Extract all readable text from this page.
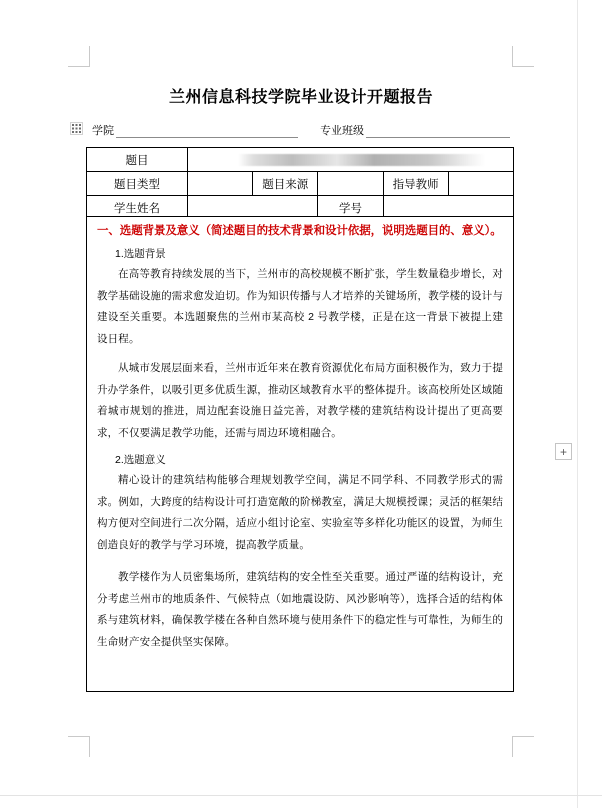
兰州信息科技学院毕业设计开题报告
学院	专业班级
题目					

题目类型		题目来源		指导教师	
学生姓名			学号		
一、选题背景及意义（简述题目的技术背景和设计依据，说明选题目的、意义）。
1.选题背景

在高等教育持续发展的当下，兰州市的高校规模不断扩张，学生数量稳步增长，对教学基础设施的需求愈发迫切。作为知识传播与人才培养的关键场所，教学楼的设计与建设至关重要。本选题聚焦的兰州市某高校 2 号教学楼，正是在这一背景下被提上建设日程。

从城市发展层面来看，兰州市近年来在教育资源优化布局方面积极作为，致力于提升办学条件，以吸引更多优质生源，推动区域教育水平的整体提升。该高校所处区域随着城市规划的推进，周边配套设施日益完善，对教学楼的建筑结构设计提出了更高要求，不仅要满足教学功能，还需与周边环境相融合。

2.选题意义

精心设计的建筑结构能够合理规划教学空间，满足不同学科、不同教学形式的需求。例如，大跨度的结构设计可打造宽敞的阶梯教室，满足大规模授课；灵活的框架结构方便对空间进行二次分隔，适应小组讨论室、实验室等多样化功能区的设置，为师生创造良好的教学与学习环境，提高教学质量。

教学楼作为人员密集场所，建筑结构的安全性至关重要。通过严谨的结构设计，充分考虑兰州市的地质条件、气候特点（如地震设防、风沙影响等），选择合适的结构体系与建筑材料，确保教学楼在各种自然环境与使用条件下的稳定性与可靠性，为师生的生命财产安全提供坚实保障。

+
